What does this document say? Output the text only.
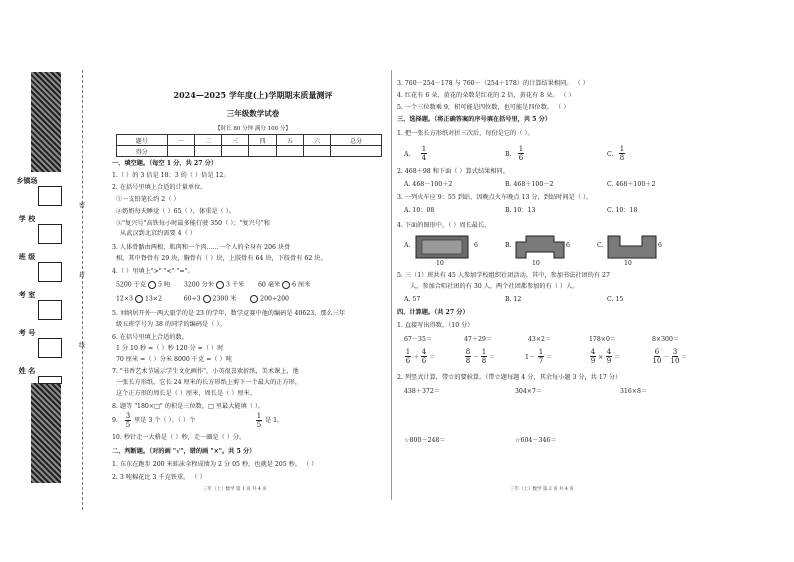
乡镇场
学 校
班 级
考 室
考 号
姓 名
密
封
线
2024—2025 学年度(上)学期期末质量测评
三年级数学试卷
【时长 80 分钟 满分 100 分】
题号	一	二	三	四	五	六	总分
得分							
一、填空题。（每空 1 分，共 27 分）
1.（ ）的 3 倍是 18；3 的（ ）倍是 12。
2. 在括号里填上合适的计量单位。
①一支铅笔长约 2（ ）
②奶奶每天睡觉（ ）65（ ），体重是（ ）。
③"复兴号"高铁每小时最多能行驶 350（ ）；"复兴号"和
从武汉到北京约需要 4（ ）
3. 人体骨骼由两根，肌肉和一个肉……一个人的全身有 206 块骨
相，其中脊骨有 29 块，胸骨有（ ）块，上肢骨有 64 块，下肢骨有 62 块。
4.（ ）里填上">" "<" "="。
5200 千克 5 吨 3200 分米 3 千米 60 毫米 6 厘米
12×3 13×2	60÷3 2300 米	200÷200
5. 刘纳居开外一两大旅学的是 23 的学年，数学竞赛中他的编码是 40623，那么三年
级五班学号为 38 的同学的编码是（ ）。
6. 在括号里填上合适的数。
1 分 10 秒 =（ ）秒 120 分 =（ ）时
70 厘米 =（ ）分米 8000 千克 =（ ）吨
7. "书香艺术节展示学生文化画作"，小英很喜欢折纸，美术课上，他
一张长方形纸，它长 24 厘米的长方形纸上剪下一个最大的正方形，
这个正方形的周长是（ ）厘米，周长是（ ）厘米。
8. 题等 "180×□" 的积是三位数，□ 里最大能填（ ）。
9.
3
5
里是 3 个（ ）。（ ）个
1
5
是 1。
10. 秒针走一大格是（ ）秒，走一圈是（ ）分。
二、判断题。（对的画 "√"，错的画 "×"。共 5 分）
1. 东东在跑步 200 米蛙泳全程成绩为 2 分 05 秒，也就是 205 秒。 （ ）
2. 3 吨棉花比 3 千克铁重。 （ ）
三年（上）数学 第 1 页 共 4 页
3. 760－254－178 与 760－（254＋178）的计算结果相同。 （ ）
4. 红花有 6 朵，黄花的朵数是红花的 2 倍，黄花有 8 朵。 （ ）
5. 一个三位数乘 9，积可能是四位数，也可能是四位数。 （ ）
三、选择题。（将正确答案的序号填在括号里，共 5 分）
1. 把一张长方形纸对折三次后，每份是它的（ ）。
A.
1
4	B.
1
6	C.
1
8
2. 468＋98 和下面（ ）算式结果相同。
A. 468－100＋2	B. 468＋100－2	C. 468＋100＋2
3. 一列火车应 9：55 到站，因晚点火车晚点 13 分，到站时间是（ ）。
A. 10：08	B. 10：13	C. 10：18
4. 下面的图形中，（ ）周长最长。
A.	6
10
B.	6
10
C.	6
10
5. 三（1）班共有 45 人参加学校组织社团活动。其中，参加书法社团的有 27
人，参加合唱社团的有 30 人，两个社团都参加的有（ ）人。
A. 57	B. 12	C. 15
四、计算题。（共 27 分）
1. 直接写出得数。（10 分）
67－35＝	47＋29＝	43×2＝	178×0＝	8×300＝
1
6 ＋
4
6 ＝
8
8 －
1
8 ＝	1－
1
7 ＝
4
9 ×
4
9 ＝
6
10 －
3
10 ＝
2. 列竖式计算，带☆的要验算。（带☆题每题 4 分，其余每小题 3 分，共 17 分）
438＋372＝	304×7＝	316×8＝
☆800－248＝	☆604－346＝
三年（上）数学 第 2 页 共 4 页
